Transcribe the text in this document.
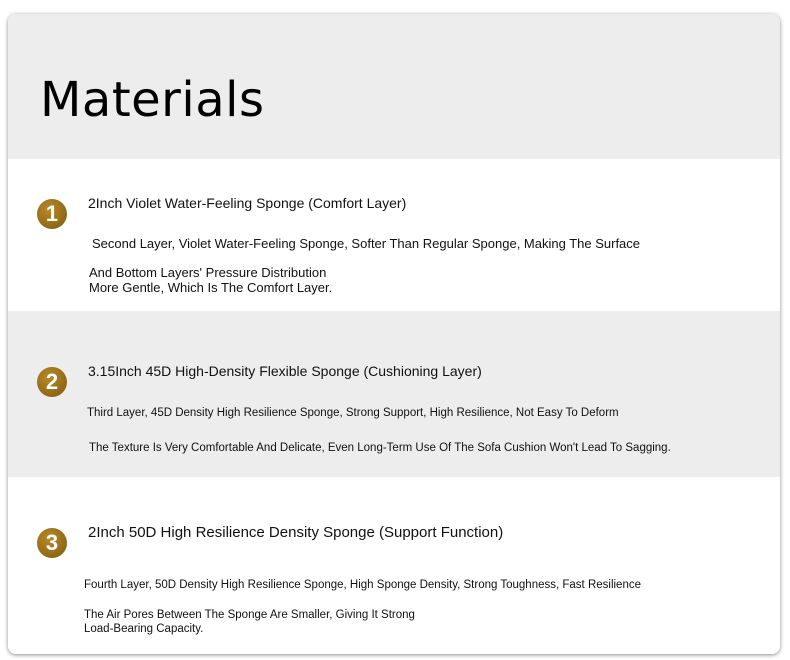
Materials
1	2Inch Violet Water-Feeling Sponge (Comfort Layer)

Second Layer, Violet Water-Feeling Sponge, Softer Than Regular Sponge, Making The Surface

And Bottom Layers' Pressure Distribution

More Gentle, Which Is The Comfort Layer.

2	3.15Inch 45D High-Density Flexible Sponge (Cushioning Layer)

Third Layer, 45D Density High Resilience Sponge, Strong Support, High Resilience, Not Easy To Deform

The Texture Is Very Comfortable And Delicate, Even Long-Term Use Of The Sofa Cushion Won't Lead To Sagging.

3	2Inch 50D High Resilience Density Sponge (Support Function)

Fourth Layer, 50D Density High Resilience Sponge, High Sponge Density, Strong Toughness, Fast Resilience

The Air Pores Between The Sponge Are Smaller, Giving It Strong

Load-Bearing Capacity.
